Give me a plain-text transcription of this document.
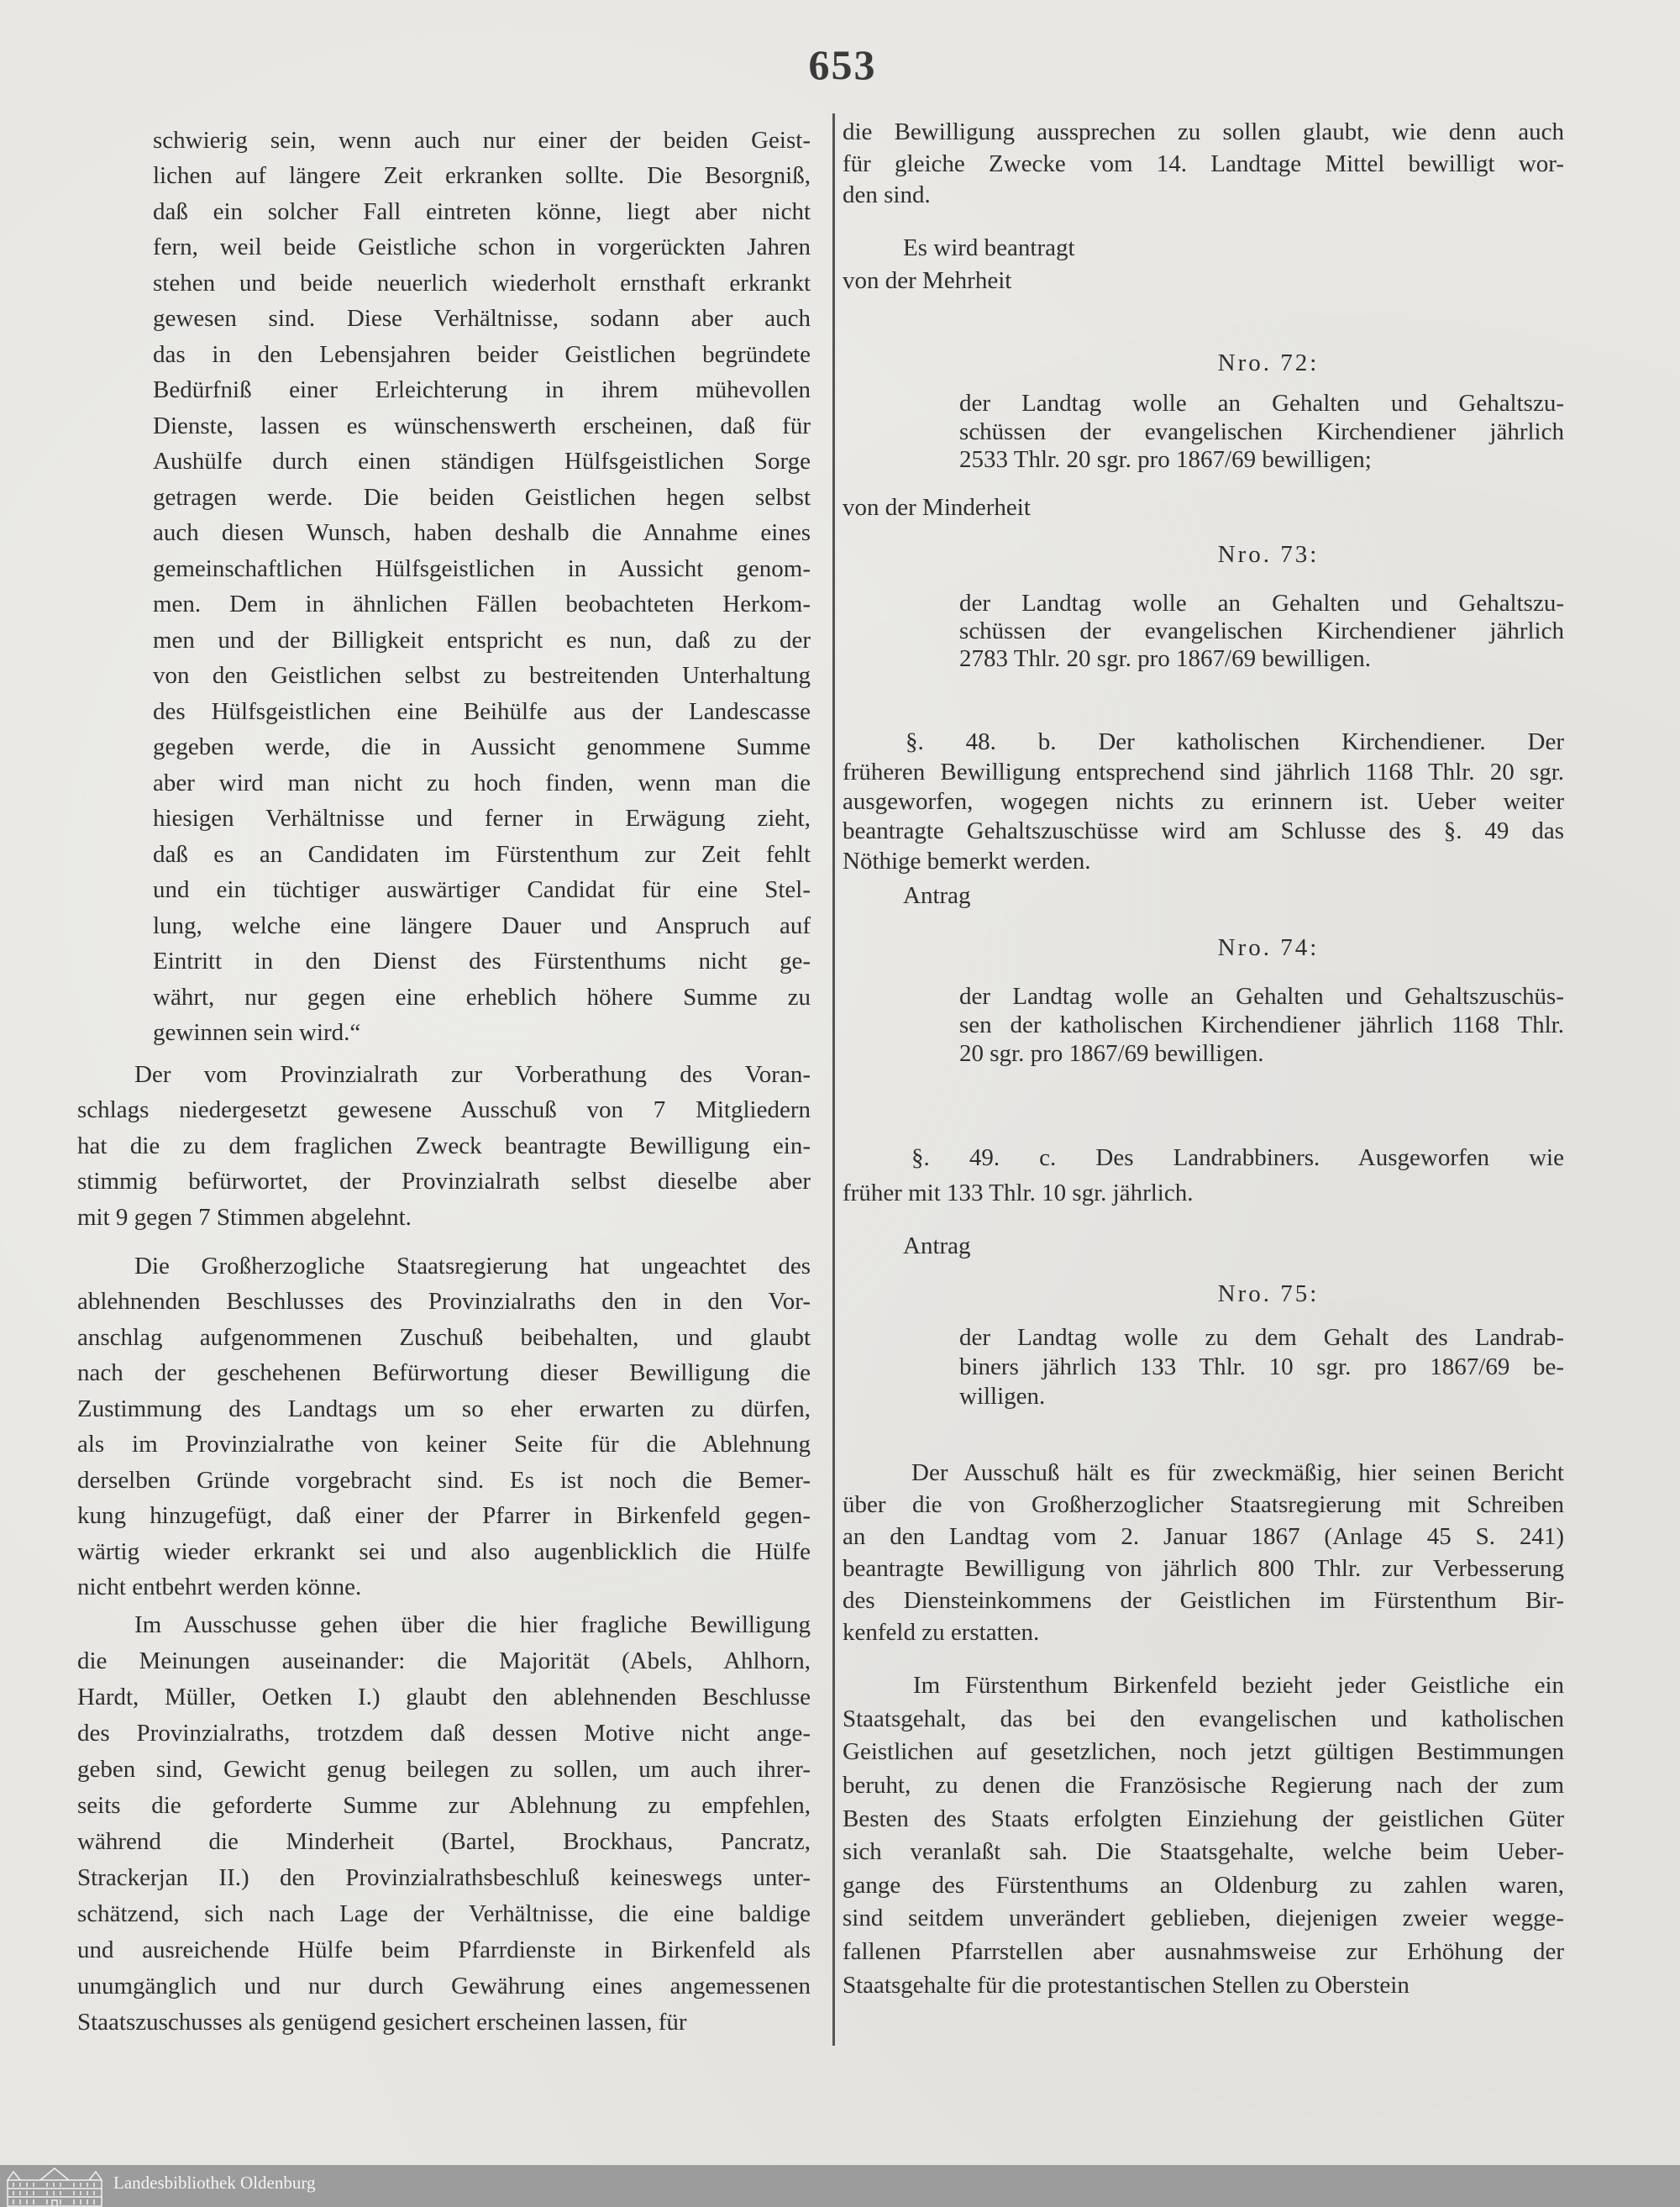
653
schwierig sein, wenn auch nur einer der beiden Geist-
lichen auf längere Zeit erkranken sollte. Die Besorgniß,
daß ein solcher Fall eintreten könne, liegt aber nicht
fern, weil beide Geistliche schon in vorgerückten Jahren
stehen und beide neuerlich wiederholt ernsthaft erkrankt
gewesen sind. Diese Verhältnisse, sodann aber auch
das in den Lebensjahren beider Geistlichen begründete
Bedürfniß einer Erleichterung in ihrem mühevollen
Dienste, lassen es wünschenswerth erscheinen, daß für
Aushülfe durch einen ständigen Hülfsgeistlichen Sorge
getragen werde. Die beiden Geistlichen hegen selbst
auch diesen Wunsch, haben deshalb die Annahme eines
gemeinschaftlichen Hülfsgeistlichen in Aussicht genom-
men. Dem in ähnlichen Fällen beobachteten Herkom-
men und der Billigkeit entspricht es nun, daß zu der
von den Geistlichen selbst zu bestreitenden Unterhaltung
des Hülfsgeistlichen eine Beihülfe aus der Landescasse
gegeben werde, die in Aussicht genommene Summe
aber wird man nicht zu hoch finden, wenn man die
hiesigen Verhältnisse und ferner in Erwägung zieht,
daß es an Candidaten im Fürstenthum zur Zeit fehlt
und ein tüchtiger auswärtiger Candidat für eine Stel-
lung, welche eine längere Dauer und Anspruch auf
Eintritt in den Dienst des Fürstenthums nicht ge-
währt, nur gegen eine erheblich höhere Summe zu
gewinnen sein wird.“
Der vom Provinzialrath zur Vorberathung des Voran-
schlags niedergesetzt gewesene Ausschuß von 7 Mitgliedern
hat die zu dem fraglichen Zweck beantragte Bewilligung ein-
stimmig befürwortet, der Provinzialrath selbst dieselbe aber
mit 9 gegen 7 Stimmen abgelehnt.
Die Großherzogliche Staatsregierung hat ungeachtet des
ablehnenden Beschlusses des Provinzialraths den in den Vor-
anschlag aufgenommenen Zuschuß beibehalten, und glaubt
nach der geschehenen Befürwortung dieser Bewilligung die
Zustimmung des Landtags um so eher erwarten zu dürfen,
als im Provinzialrathe von keiner Seite für die Ablehnung
derselben Gründe vorgebracht sind. Es ist noch die Bemer-
kung hinzugefügt, daß einer der Pfarrer in Birkenfeld gegen-
wärtig wieder erkrankt sei und also augenblicklich die Hülfe
nicht entbehrt werden könne.
Im Ausschusse gehen über die hier fragliche Bewilligung
die Meinungen auseinander: die Majorität (Abels, Ahlhorn,
Hardt, Müller, Oetken I.) glaubt den ablehnenden Beschlusse
des Provinzialraths, trotzdem daß dessen Motive nicht ange-
geben sind, Gewicht genug beilegen zu sollen, um auch ihrer-
seits die geforderte Summe zur Ablehnung zu empfehlen,
während die Minderheit (Bartel, Brockhaus, Pancratz,
Strackerjan II.) den Provinzialrathsbeschluß keineswegs unter-
schätzend, sich nach Lage der Verhältnisse, die eine baldige
und ausreichende Hülfe beim Pfarrdienste in Birkenfeld als
unumgänglich und nur durch Gewährung eines angemessenen
Staatszuschusses als genügend gesichert erscheinen lassen, für
die Bewilligung aussprechen zu sollen glaubt, wie denn auch
für gleiche Zwecke vom 14. Landtage Mittel bewilligt wor-
den sind.
Es wird beantragt
von der Mehrheit
Nro. 72:
der Landtag wolle an Gehalten und Gehaltszu-
schüssen der evangelischen Kirchendiener jährlich
2533 Thlr. 20 sgr. pro 1867/69 bewilligen;
von der Minderheit
Nro. 73:
der Landtag wolle an Gehalten und Gehaltszu-
schüssen der evangelischen Kirchendiener jährlich
2783 Thlr. 20 sgr. pro 1867/69 bewilligen.
§. 48. b. Der katholischen Kirchendiener. Der
früheren Bewilligung entsprechend sind jährlich 1168 Thlr. 20 sgr.
ausgeworfen, wogegen nichts zu erinnern ist. Ueber weiter
beantragte Gehaltszuschüsse wird am Schlusse des §. 49 das
Nöthige bemerkt werden.
Antrag
Nro. 74:
der Landtag wolle an Gehalten und Gehaltszuschüs-
sen der katholischen Kirchendiener jährlich 1168 Thlr.
20 sgr. pro 1867/69 bewilligen.
§. 49. c. Des Landrabbiners. Ausgeworfen wie
früher mit 133 Thlr. 10 sgr. jährlich.
Antrag
Nro. 75:
der Landtag wolle zu dem Gehalt des Landrab-
biners jährlich 133 Thlr. 10 sgr. pro 1867/69 be-
willigen.
Der Ausschuß hält es für zweckmäßig, hier seinen Bericht
über die von Großherzoglicher Staatsregierung mit Schreiben
an den Landtag vom 2. Januar 1867 (Anlage 45 S. 241)
beantragte Bewilligung von jährlich 800 Thlr. zur Verbesserung
des Diensteinkommens der Geistlichen im Fürstenthum Bir-
kenfeld zu erstatten.
Im Fürstenthum Birkenfeld bezieht jeder Geistliche ein
Staatsgehalt, das bei den evangelischen und katholischen
Geistlichen auf gesetzlichen, noch jetzt gültigen Bestimmungen
beruht, zu denen die Französische Regierung nach der zum
Besten des Staats erfolgten Einziehung der geistlichen Güter
sich veranlaßt sah. Die Staatsgehalte, welche beim Ueber-
gange des Fürstenthums an Oldenburg zu zahlen waren,
sind seitdem unverändert geblieben, diejenigen zweier wegge-
fallenen Pfarrstellen aber ausnahmsweise zur Erhöhung der
Staatsgehalte für die protestantischen Stellen zu Oberstein
Landesbibliothek Oldenburg
